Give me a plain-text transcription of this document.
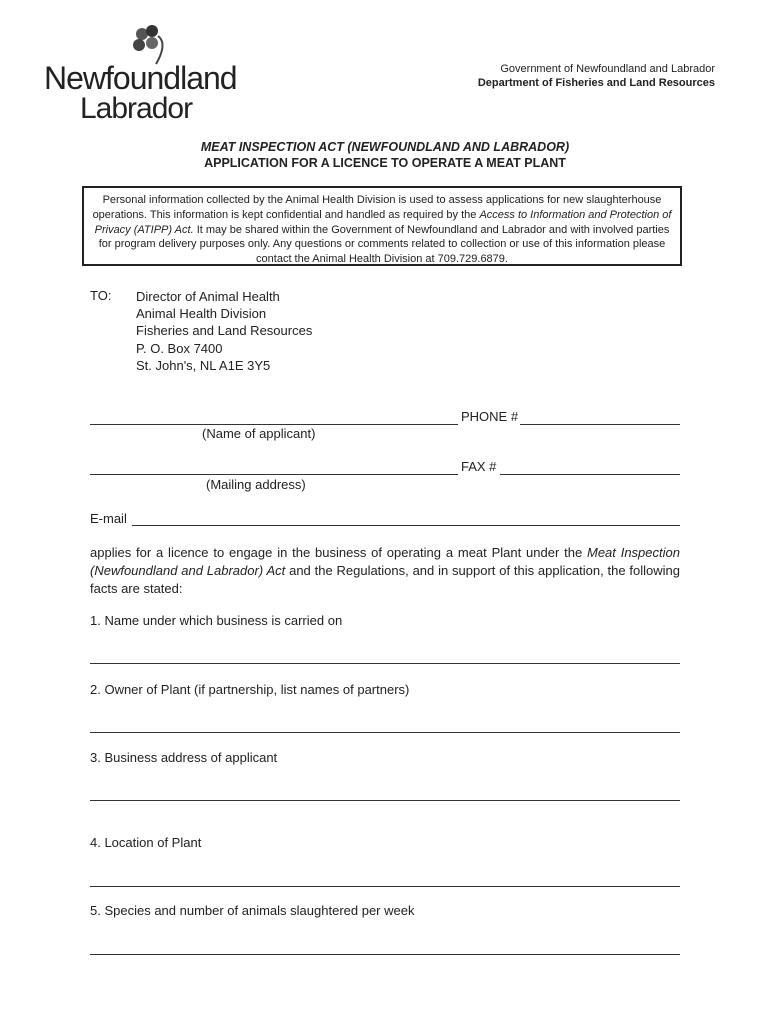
Newfoundland
Labrador
Government of Newfoundland and Labrador
Department of Fisheries and Land Resources
MEAT INSPECTION ACT (NEWFOUNDLAND AND LABRADOR)
APPLICATION FOR A LICENCE TO OPERATE A MEAT PLANT
Personal information collected by the Animal Health Division is used to assess applications for new slaughterhouse operations. This information is kept confidential and handled as required by the Access to Information and Protection of Privacy (ATIPP) Act. It may be shared within the Government of Newfoundland and Labrador and with involved parties for program delivery purposes only. Any questions or comments related to collection or use of this information please contact the Animal Health Division at 709.729.6879.
TO: Director of Animal Health
Animal Health Division
Fisheries and Land Resources
P. O. Box 7400
St. John's, NL A1E 3Y5
PHONE #
(Name of applicant)
FAX #
(Mailing address)
E-mail
applies for a licence to engage in the business of operating a meat Plant under the Meat Inspection (Newfoundland and Labrador) Act and the Regulations, and in support of this application, the following facts are stated:
1. Name under which business is carried on
2. Owner of Plant (if partnership, list names of partners)
3. Business address of applicant
4. Location of Plant
5. Species and number of animals slaughtered per week
